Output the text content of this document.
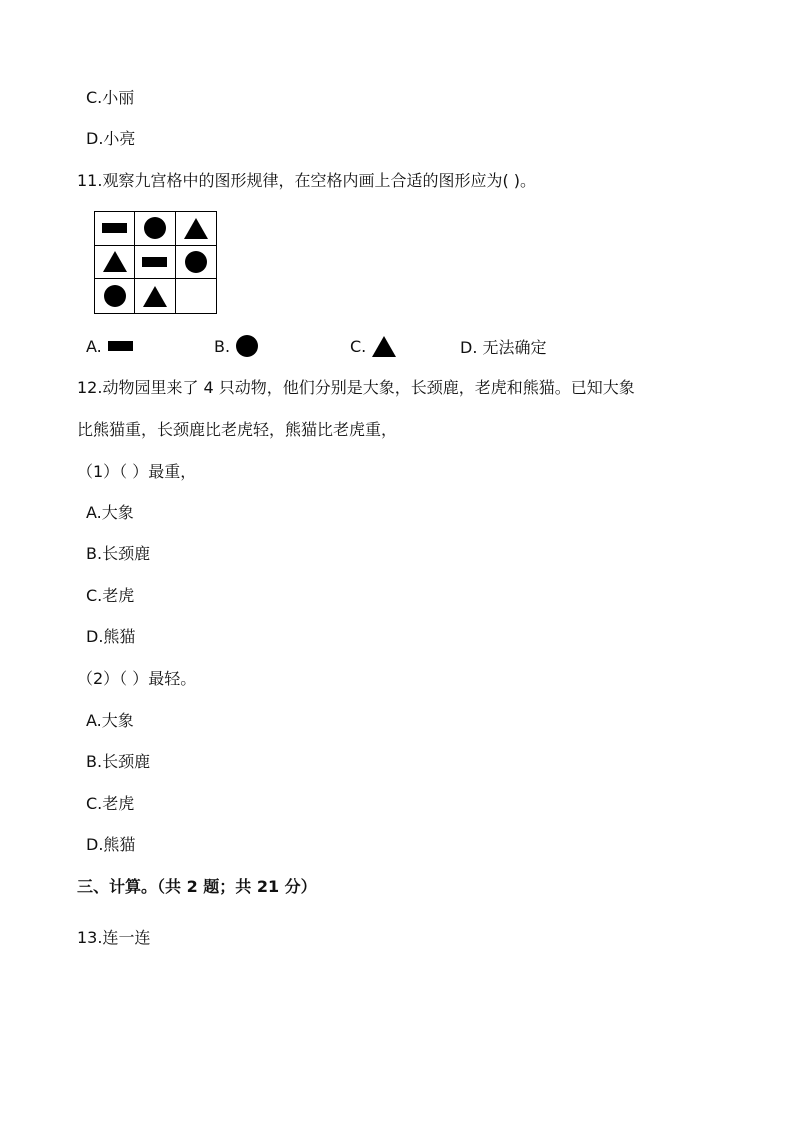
C.小丽
D.小亮
11.观察九宫格中的图形规律，在空格内画上合适的图形应为( )。
A.	B.	C.	D. 无法确定
12.动物园里来了 4 只动物，他们分别是大象，长颈鹿，老虎和熊猫。已知大象
比熊猫重，长颈鹿比老虎轻，熊猫比老虎重，
（1）（ ）最重，
A.大象
B.长颈鹿
C.老虎
D.熊猫
（2）（ ）最轻。
A.大象
B.长颈鹿
C.老虎
D.熊猫
三、计算。（共 2 题；共 21 分）
13.连一连
